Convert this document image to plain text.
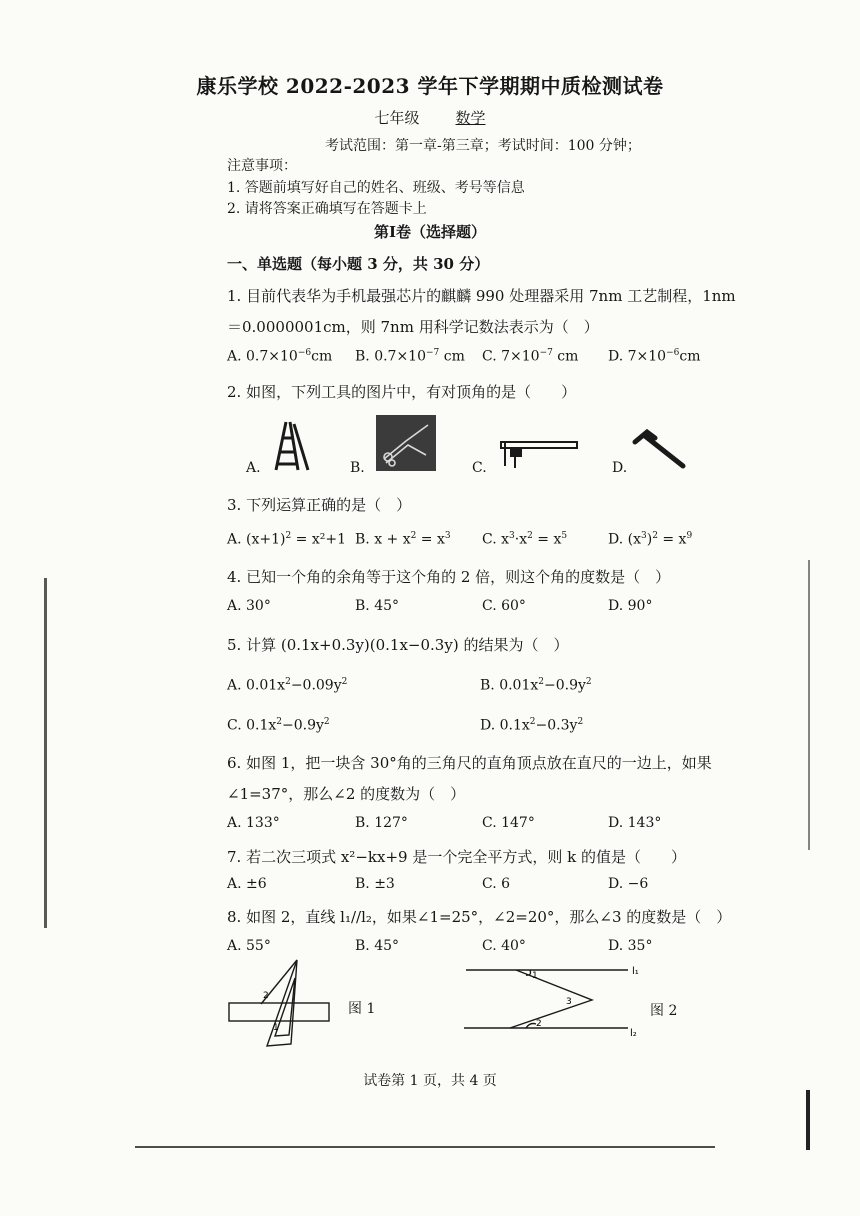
康乐学校 2022-2023 学年下学期期中质检测试卷
七年级 数学
考试范围：第一章-第三章；考试时间：100 分钟；
注意事项：
1. 答题前填写好自己的姓名、班级、考号等信息
2. 请将答案正确填写在答题卡上
第Ⅰ卷（选择题）
一、单选题（每小题 3 分，共 30 分）
1. 目前代表华为手机最强芯片的麒麟 990 处理器采用 7nm 工艺制程，1nm
＝0.0000001cm，则 7nm 用科学记数法表示为（　）
A. $0.7\times 10^{-6}cm$ B. $0.7\times 10^{-7}$ cm C. $7\times 10^{-7}$ cm D. $7\times 10^{-6}cm$
2. 如图，下列工具的图片中，有对顶角的是（　　）
A.	B.	C.	D.
3. 下列运算正确的是（　）
A. $(x+1)^2 = x^2+1$ B. $x + x^2 = x^3$ C. $x^3\cdot x^2 = x^5$	D. $(x^3)^2 = x^9$
4. 已知一个角的余角等于这个角的 2 倍，则这个角的度数是（　）
A. 30°	B. 45°	C. 60°	D. 90°
5. 计算 (0.1x+0.3y)(0.1x−0.3y) 的结果为（　）
A. $0.01x^2-0.09y^2$	B. $0.01x^2-0.9y^2$
C. $0.1x^2-0.9y^2$	D. $0.1x^2-0.3y^2$
6. 如图 1，把一块含 30°角的三角尺的直角顶点放在直尺的一边上，如果
∠1=37°，那么∠2 的度数为（　）
A. 133°	B. 127°	C. 147°	D. 143°
7. 若二次三项式 x²−kx+9 是一个完全平方式，则 k 的值是（　　）
A. ±6	B. ±3	C. 6	D. −6
8. 如图 2，直线 l₁//l₂，如果∠1=25°，∠2=20°，那么∠3 的度数是（　）
A. 55°	B. 45°	C. 40°	D. 35°
2
1
图 1
l₁
l₂
1
3
2
图 2
试卷第 1 页，共 4 页
